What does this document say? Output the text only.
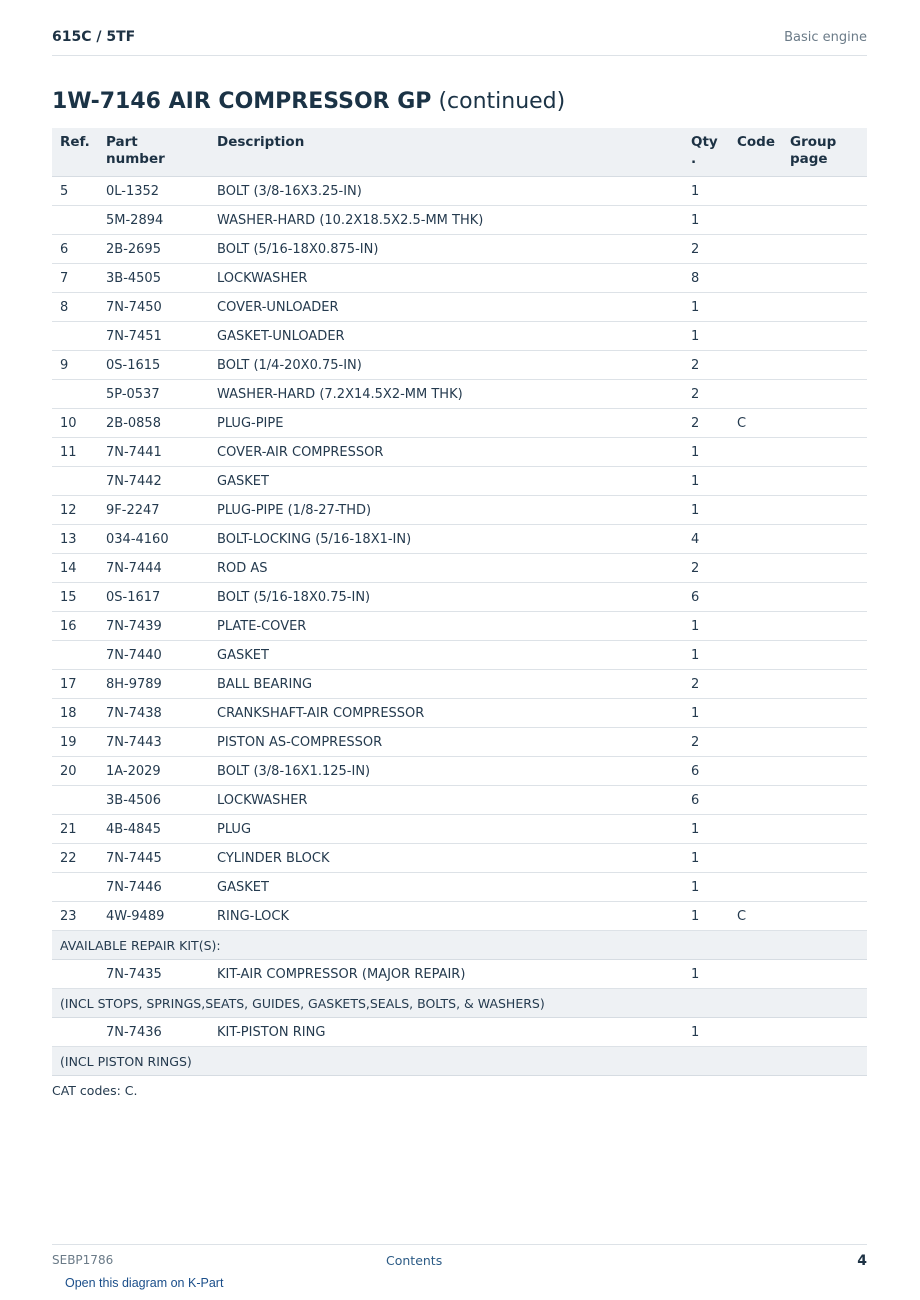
615C / 5TF	Basic engine
1W-7146 AIR COMPRESSOR GP (continued)
Ref.	Part number	Description	Qty .	Code	Group page
5	0L-1352	BOLT (3/8-16X3.25-IN)	1		
	5M-2894	WASHER-HARD (10.2X18.5X2.5-MM THK)	1		
6	2B-2695	BOLT (5/16-18X0.875-IN)	2		
7	3B-4505	LOCKWASHER	8		
8	7N-7450	COVER-UNLOADER	1		
	7N-7451	GASKET-UNLOADER	1		
9	0S-1615	BOLT (1/4-20X0.75-IN)	2		
	5P-0537	WASHER-HARD (7.2X14.5X2-MM THK)	2		
10	2B-0858	PLUG-PIPE	2	C	
11	7N-7441	COVER-AIR COMPRESSOR	1		
	7N-7442	GASKET	1		
12	9F-2247	PLUG-PIPE (1/8-27-THD)	1		
13	034-4160	BOLT-LOCKING (5/16-18X1-IN)	4		
14	7N-7444	ROD AS	2		
15	0S-1617	BOLT (5/16-18X0.75-IN)	6		
16	7N-7439	PLATE-COVER	1		
	7N-7440	GASKET	1		
17	8H-9789	BALL BEARING	2		
18	7N-7438	CRANKSHAFT-AIR COMPRESSOR	1		
19	7N-7443	PISTON AS-COMPRESSOR	2		
20	1A-2029	BOLT (3/8-16X1.125-IN)	6		
	3B-4506	LOCKWASHER	6		
21	4B-4845	PLUG	1		
22	7N-7445	CYLINDER BLOCK	1		
	7N-7446	GASKET	1		
23	4W-9489	RING-LOCK	1	C	
AVAILABLE REPAIR KIT(S):					
	7N-7435	KIT-AIR COMPRESSOR (MAJOR REPAIR)	1		
(INCL STOPS, SPRINGS,SEATS, GUIDES, GASKETS,SEALS, BOLTS, & WASHERS)					
	7N-7436	KIT-PISTON RING	1		
(INCL PISTON RINGS)					
CAT codes: C.
SEBP1786	Contents	4
Open this diagram on K-Part
